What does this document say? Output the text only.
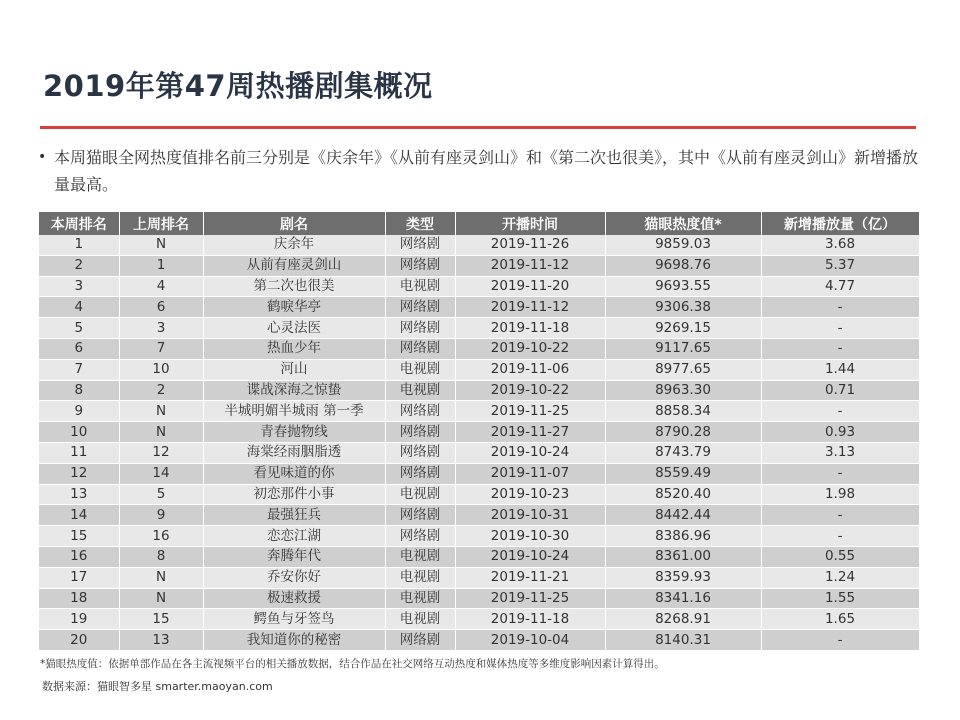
2019年第47周热播剧集概况
• 本周猫眼全网热度值排名前三分别是《庆余年》《从前有座灵剑山》和《第二次也很美》，其中《从前有座灵剑山》新增播放量最高。
本周排名	上周排名	剧名	类型	开播时间	猫眼热度值*	新增播放量（亿）
1	N	庆余年	网络剧	2019-11-26	9859.03	3.68
2	1	从前有座灵剑山	网络剧	2019-11-12	9698.76	5.37
3	4	第二次也很美	电视剧	2019-11-20	9693.55	4.77
4	6	鹤唳华亭	网络剧	2019-11-12	9306.38	-
5	3	心灵法医	网络剧	2019-11-18	9269.15	-
6	7	热血少年	网络剧	2019-10-22	9117.65	-
7	10	河山	电视剧	2019-11-06	8977.65	1.44
8	2	谍战深海之惊蛰	电视剧	2019-10-22	8963.30	0.71
9	N	半城明媚半城雨 第一季	网络剧	2019-11-25	8858.34	-
10	N	青春抛物线	网络剧	2019-11-27	8790.28	0.93
11	12	海棠经雨胭脂透	网络剧	2019-10-24	8743.79	3.13
12	14	看见味道的你	网络剧	2019-11-07	8559.49	-
13	5	初恋那件小事	电视剧	2019-10-23	8520.40	1.98
14	9	最强狂兵	网络剧	2019-10-31	8442.44	-
15	16	恋恋江湖	网络剧	2019-10-30	8386.96	-
16	8	奔腾年代	电视剧	2019-10-24	8361.00	0.55
17	N	乔安你好	电视剧	2019-11-21	8359.93	1.24
18	N	极速救援	电视剧	2019-11-25	8341.16	1.55
19	15	鳄鱼与牙签鸟	电视剧	2019-11-18	8268.91	1.65
20	13	我知道你的秘密	网络剧	2019-10-04	8140.31	-
*猫眼热度值：依据单部作品在各主流视频平台的相关播放数据，结合作品在社交网络互动热度和媒体热度等多维度影响因素计算得出。
数据来源：猫眼智多星 smarter.maoyan.com
